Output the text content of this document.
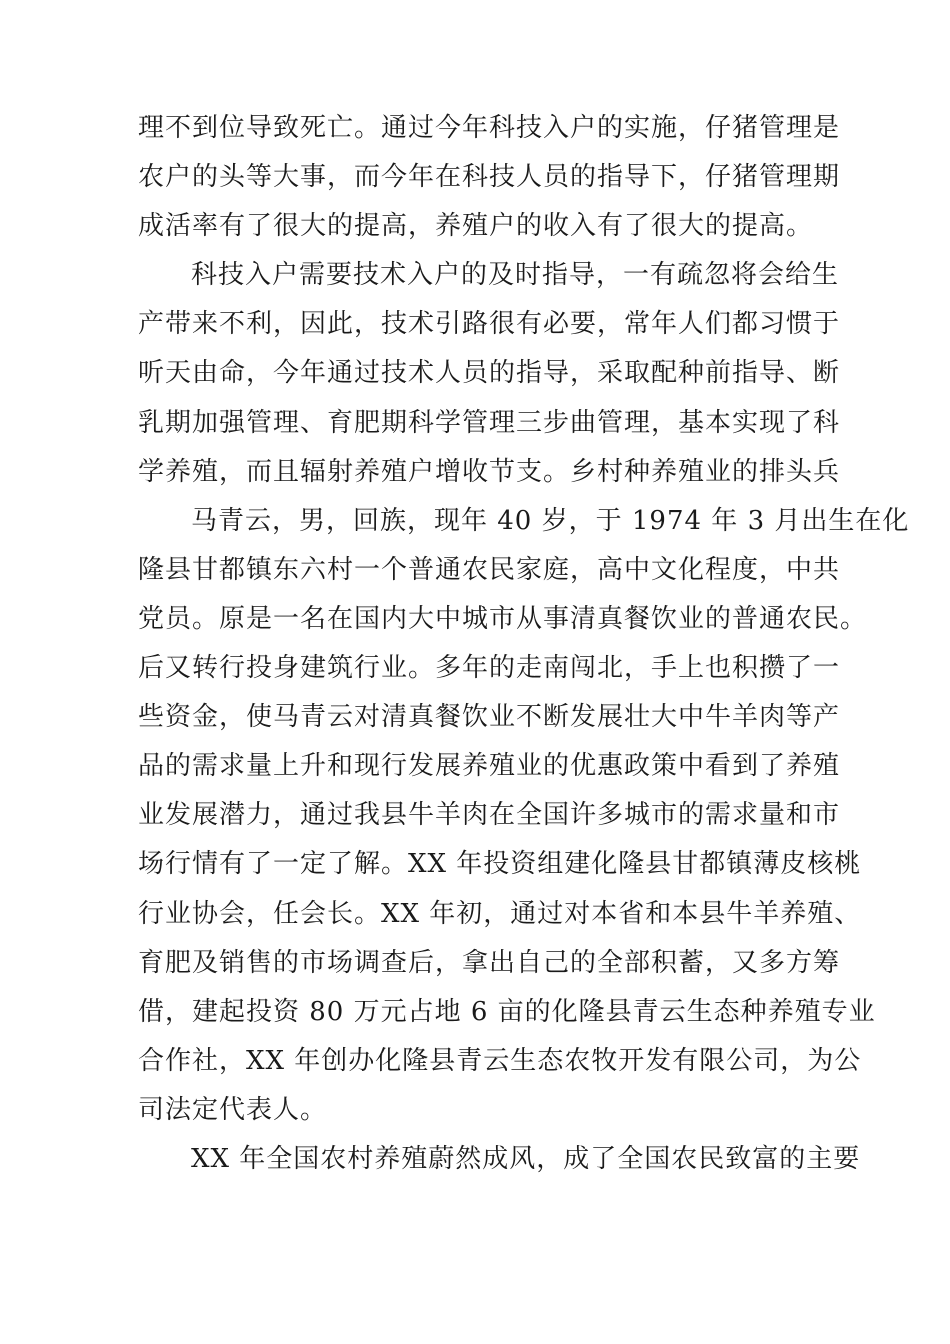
理不到位导致死亡。通过今年科技入户的实施，仔猪管理是
农户的头等大事，而今年在科技人员的指导下，仔猪管理期
成活率有了很大的提高，养殖户的收入有了很大的提高。
科技入户需要技术入户的及时指导，一有疏忽将会给生
产带来不利，因此，技术引路很有必要，常年人们都习惯于
听天由命，今年通过技术人员的指导，采取配种前指导、断
乳期加强管理、育肥期科学管理三步曲管理，基本实现了科
学养殖，而且辐射养殖户增收节支。乡村种养殖业的排头兵
马青云，男，回族，现年 40 岁，于 1974 年 3 月出生在化
隆县甘都镇东六村一个普通农民家庭，高中文化程度，中共
党员。原是一名在国内大中城市从事清真餐饮业的普通农民。
后又转行投身建筑行业。多年的走南闯北，手上也积攒了一
些资金，使马青云对清真餐饮业不断发展壮大中牛羊肉等产
品的需求量上升和现行发展养殖业的优惠政策中看到了养殖
业发展潜力，通过我县牛羊肉在全国许多城市的需求量和市
场行情有了一定了解。XX 年投资组建化隆县甘都镇薄皮核桃
行业协会，任会长。XX 年初，通过对本省和本县牛羊养殖、
育肥及销售的市场调查后，拿出自己的全部积蓄，又多方筹
借，建起投资 80 万元占地 6 亩的化隆县青云生态种养殖专业
合作社，XX 年创办化隆县青云生态农牧开发有限公司，为公
司法定代表人。
XX 年全国农村养殖蔚然成风，成了全国农民致富的主要
